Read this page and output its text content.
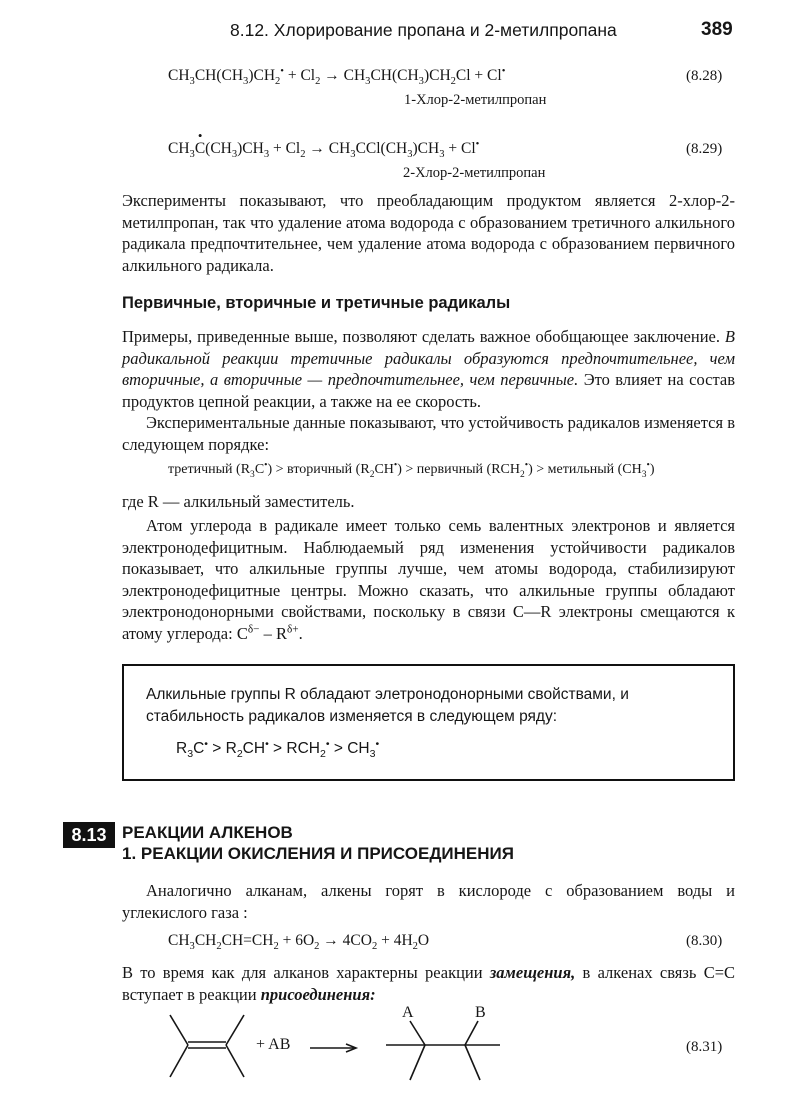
8.12. Хлорирование пропана и 2-метилпропана	389
$CH_3CH(CH_3)CH_2^• + Cl_2 \to CH_3CH(CH_3)CH_2Cl + Cl^•$
1-Хлор-2-метилпропан
(8.28)
$CH_3C$
•
$(CH_3)CH_3 + Cl_2 \to CH_3CCl(CH_3)CH_3 + Cl^•$
2-Хлор-2-метилпропан
(8.29)
Эксперименты показывают, что преобладающим продуктом является 2-хлор-2-метилпропан, так что удаление атома водорода с образованием третичного алкильного радикала предпочтительнее, чем удаление атома водорода с образованием первичного алкильного радикала.
Первичные, вторичные и третичные радикалы

Примеры, приведенные выше, позволяют сделать важное обобщающее заключение. В радикальной реакции третичные радикалы образуются предпочтительнее, чем вторичные, а вторичные — предпочтительнее, чем первичные. Это влияет на состав продуктов цепной реакции, а также на ее скорость.

Экспериментальные данные показывают, что устойчивость радикалов изменяется в следующем порядке:

третичный $(R_3C^•)$ > вторичный $(R_2CH^•)$ > первичный $(RCH_2^•)$ > метильный $(CH_3^•)$
где R — алкильный заместитель.

Атом углерода в радикале имеет только семь валентных электронов и является электронодефицитным. Наблюдаемый ряд изменения устойчивости радикалов показывает, что алкильные группы лучше, чем атомы водорода, стабилизируют электронодефицитные центры. Можно сказать, что алкильные группы обладают электронодонорными свойствами, поскольку в связи C—R электроны смещаются к атому углерода: $C^{\delta-} - R^{\delta+}$.

Алкильные группы R обладают элетронодонорными свойствами, и
стабильность радикалов изменяется в следующем ряду:
$R_3C^• > R_2CH^• > RCH_2^• > CH_3^•$
8.13 РЕАКЦИИ АЛКЕНОВ
1. РЕАКЦИИ ОКИСЛЕНИЯ И ПРИСОЕДИНЕНИЯ

Аналогично алканам, алкены горят в кислороде с образованием воды и углекислого газа :

$CH_3CH_2CH=CH_2 + 6O_2 \to 4CO_2 + 4H_2O$	(8.30)

В то время как для алканов характерны реакции замещения, в алкенах связь C=C вступает в реакции присоединения:

+ AB
A	B
(8.31)
